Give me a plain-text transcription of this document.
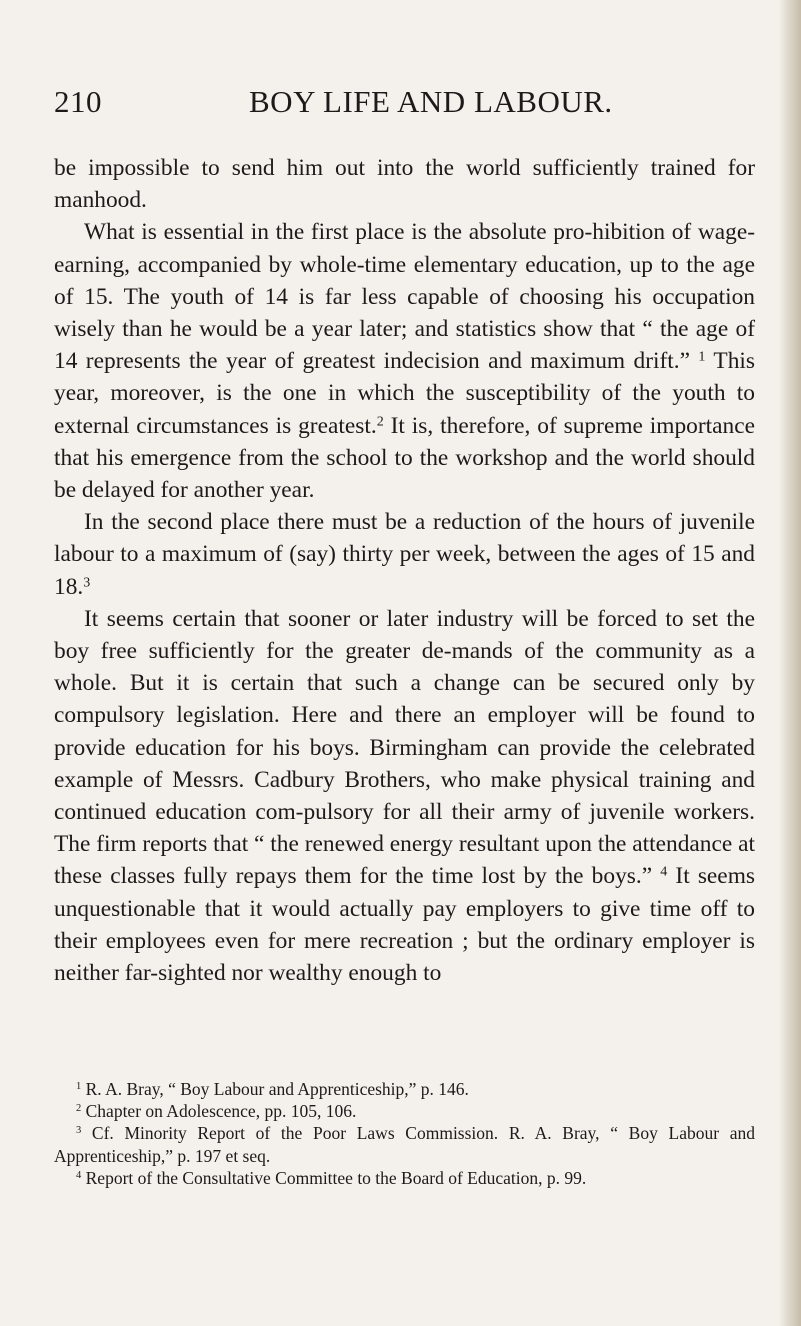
210	BOY LIFE AND LABOUR.

be impossible to send him out into the world sufficiently trained for manhood.

What is essential in the first place is the absolute pro-hibition of wage-earning, accompanied by whole-time elementary education, up to the age of 15. The youth of 14 is far less capable of choosing his occupation wisely than he would be a year later; and statistics show that “ the age of 14 represents the year of greatest indecision and maximum drift.” $^1$ This year, moreover, is the one in which the susceptibility of the youth to external circumstances is greatest.$^2$ It is, therefore, of supreme importance that his emergence from the school to the workshop and the world should be delayed for another year.

In the second place there must be a reduction of the hours of juvenile labour to a maximum of (say) thirty per week, between the ages of 15 and 18.$^3$

It seems certain that sooner or later industry will be forced to set the boy free sufficiently for the greater de-mands of the community as a whole. But it is certain that such a change can be secured only by compulsory legislation. Here and there an employer will be found to provide education for his boys. Birmingham can provide the celebrated example of Messrs. Cadbury Brothers, who make physical training and continued education com-pulsory for all their army of juvenile workers. The firm reports that “ the renewed energy resultant upon the attendance at these classes fully repays them for the time lost by the boys.” $^4$ It seems unquestionable that it would actually pay employers to give time off to their employees even for mere recreation ; but the ordinary employer is neither far-sighted nor wealthy enough to

$^1$ R. A. Bray, “ Boy Labour and Apprenticeship,” p. 146.

$^2$ Chapter on Adolescence, pp. 105, 106.

$^3$ Cf. Minority Report of the Poor Laws Commission. R. A. Bray, “ Boy Labour and Apprenticeship,” p. 197 et seq.

$^4$ Report of the Consultative Committee to the Board of Education, p. 99.
